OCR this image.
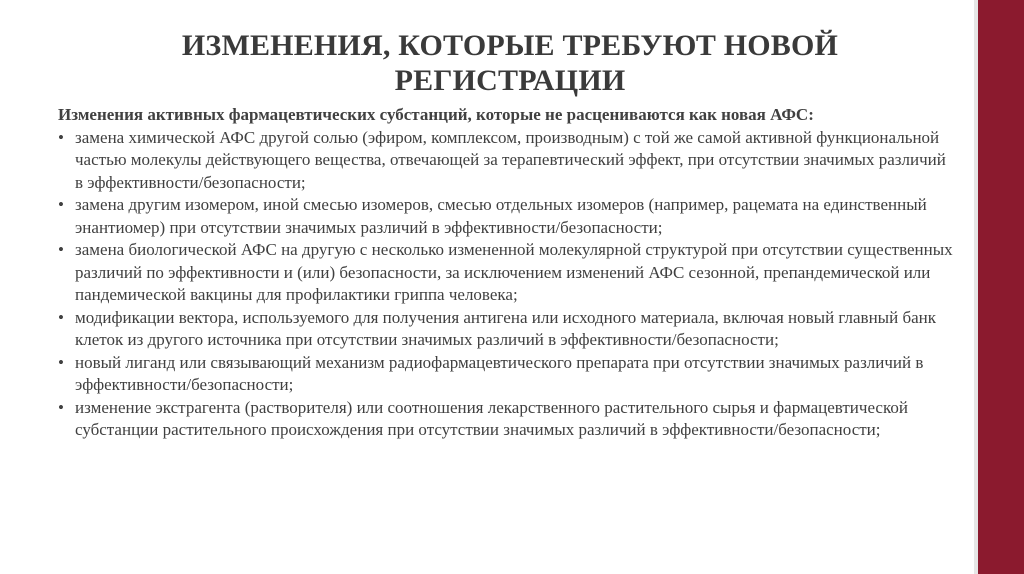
ИЗМЕНЕНИЯ, КОТОРЫЕ ТРЕБУЮТ НОВОЙ
РЕГИСТРАЦИИ

Изменения активных фармацевтических субстанций, которые не расцениваются как новая АФС:

• замена химической АФС другой солью (эфиром, комплексом, производным) с той же самой активной функциональной частью молекулы действующего вещества, отвечающей за терапевтический эффект, при отсутствии значимых различий в эффективности/безопасности;
• замена другим изомером, иной смесью изомеров, смесью отдельных изомеров (например, рацемата на единственный энантиомер) при отсутствии значимых различий в эффективности/безопасности;
• замена биологической АФС на другую с несколько измененной молекулярной структурой при отсутствии существенных различий по эффективности и (или) безопасности, за исключением изменений АФС сезонной, препандемической или пандемической вакцины для профилактики гриппа человека;
• модификации вектора, используемого для получения антигена или исходного материала, включая новый главный банк клеток из другого источника при отсутствии значимых различий в эффективности/безопасности;
• новый лиганд или связывающий механизм радиофармацевтического препарата при отсутствии значимых различий в эффективности/безопасности;
• изменение экстрагента (растворителя) или соотношения лекарственного растительного сырья и фармацевтической субстанции растительного происхождения при отсутствии значимых различий в эффективности/безопасности;
